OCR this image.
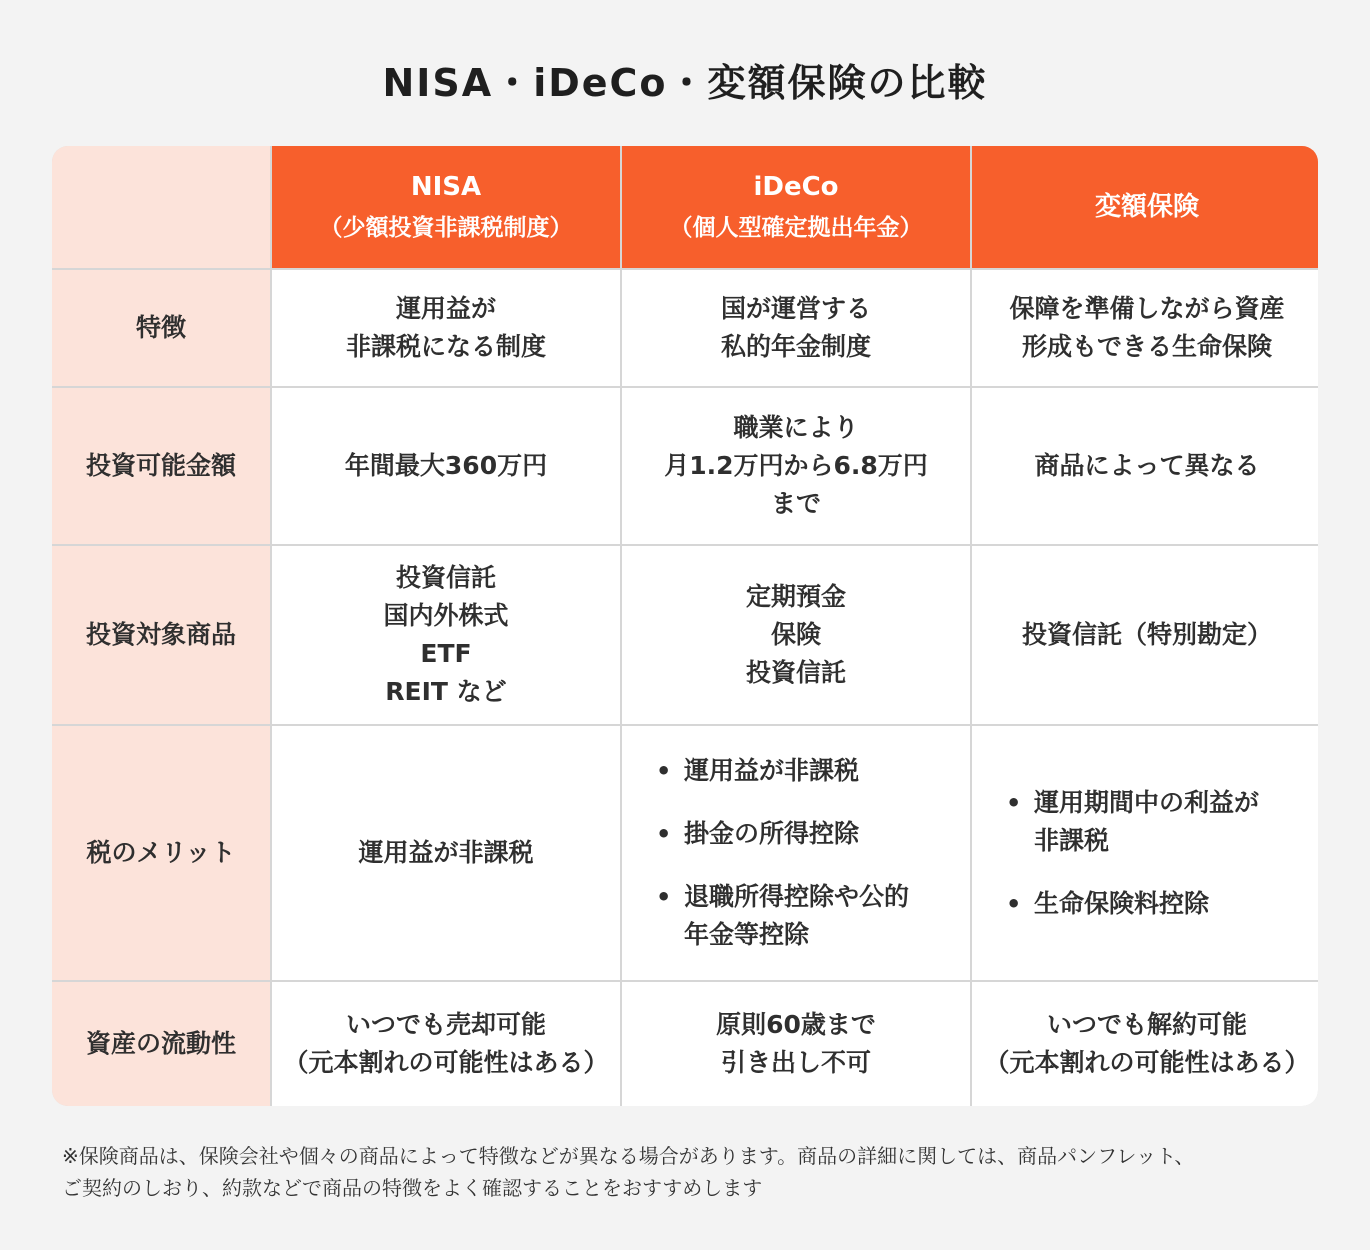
NISA・iDeCo・変額保険の比較
NISA
（少額投資非課税制度）
iDeCo
（個人型確定拠出年金）
変額保険
特徴
運用益が
非課税になる制度
国が運営する
私的年金制度
保障を準備しながら資産
形成もできる生命保険
投資可能金額	年間最大360万円
職業により
月1.2万円から6.8万円
まで
商品によって異なる
投資対象商品
投資信託
国内外株式
ETF
REIT など
定期預金
保険
投資信託
投資信託（特別勘定）
税のメリット	運用益が非課税
• 運用益が非課税
• 掛金の所得控除
• 退職所得控除や公的
年金等控除
• 運用期間中の利益が
非課税
• 生命保険料控除
資産の流動性
いつでも売却可能
（元本割れの可能性はある）
原則60歳まで
引き出し不可
いつでも解約可能
（元本割れの可能性はある）
※保険商品は、保険会社や個々の商品によって特徴などが異なる場合があります。商品の詳細に関しては、商品パンフレット、
ご契約のしおり、約款などで商品の特徴をよく確認することをおすすめします
